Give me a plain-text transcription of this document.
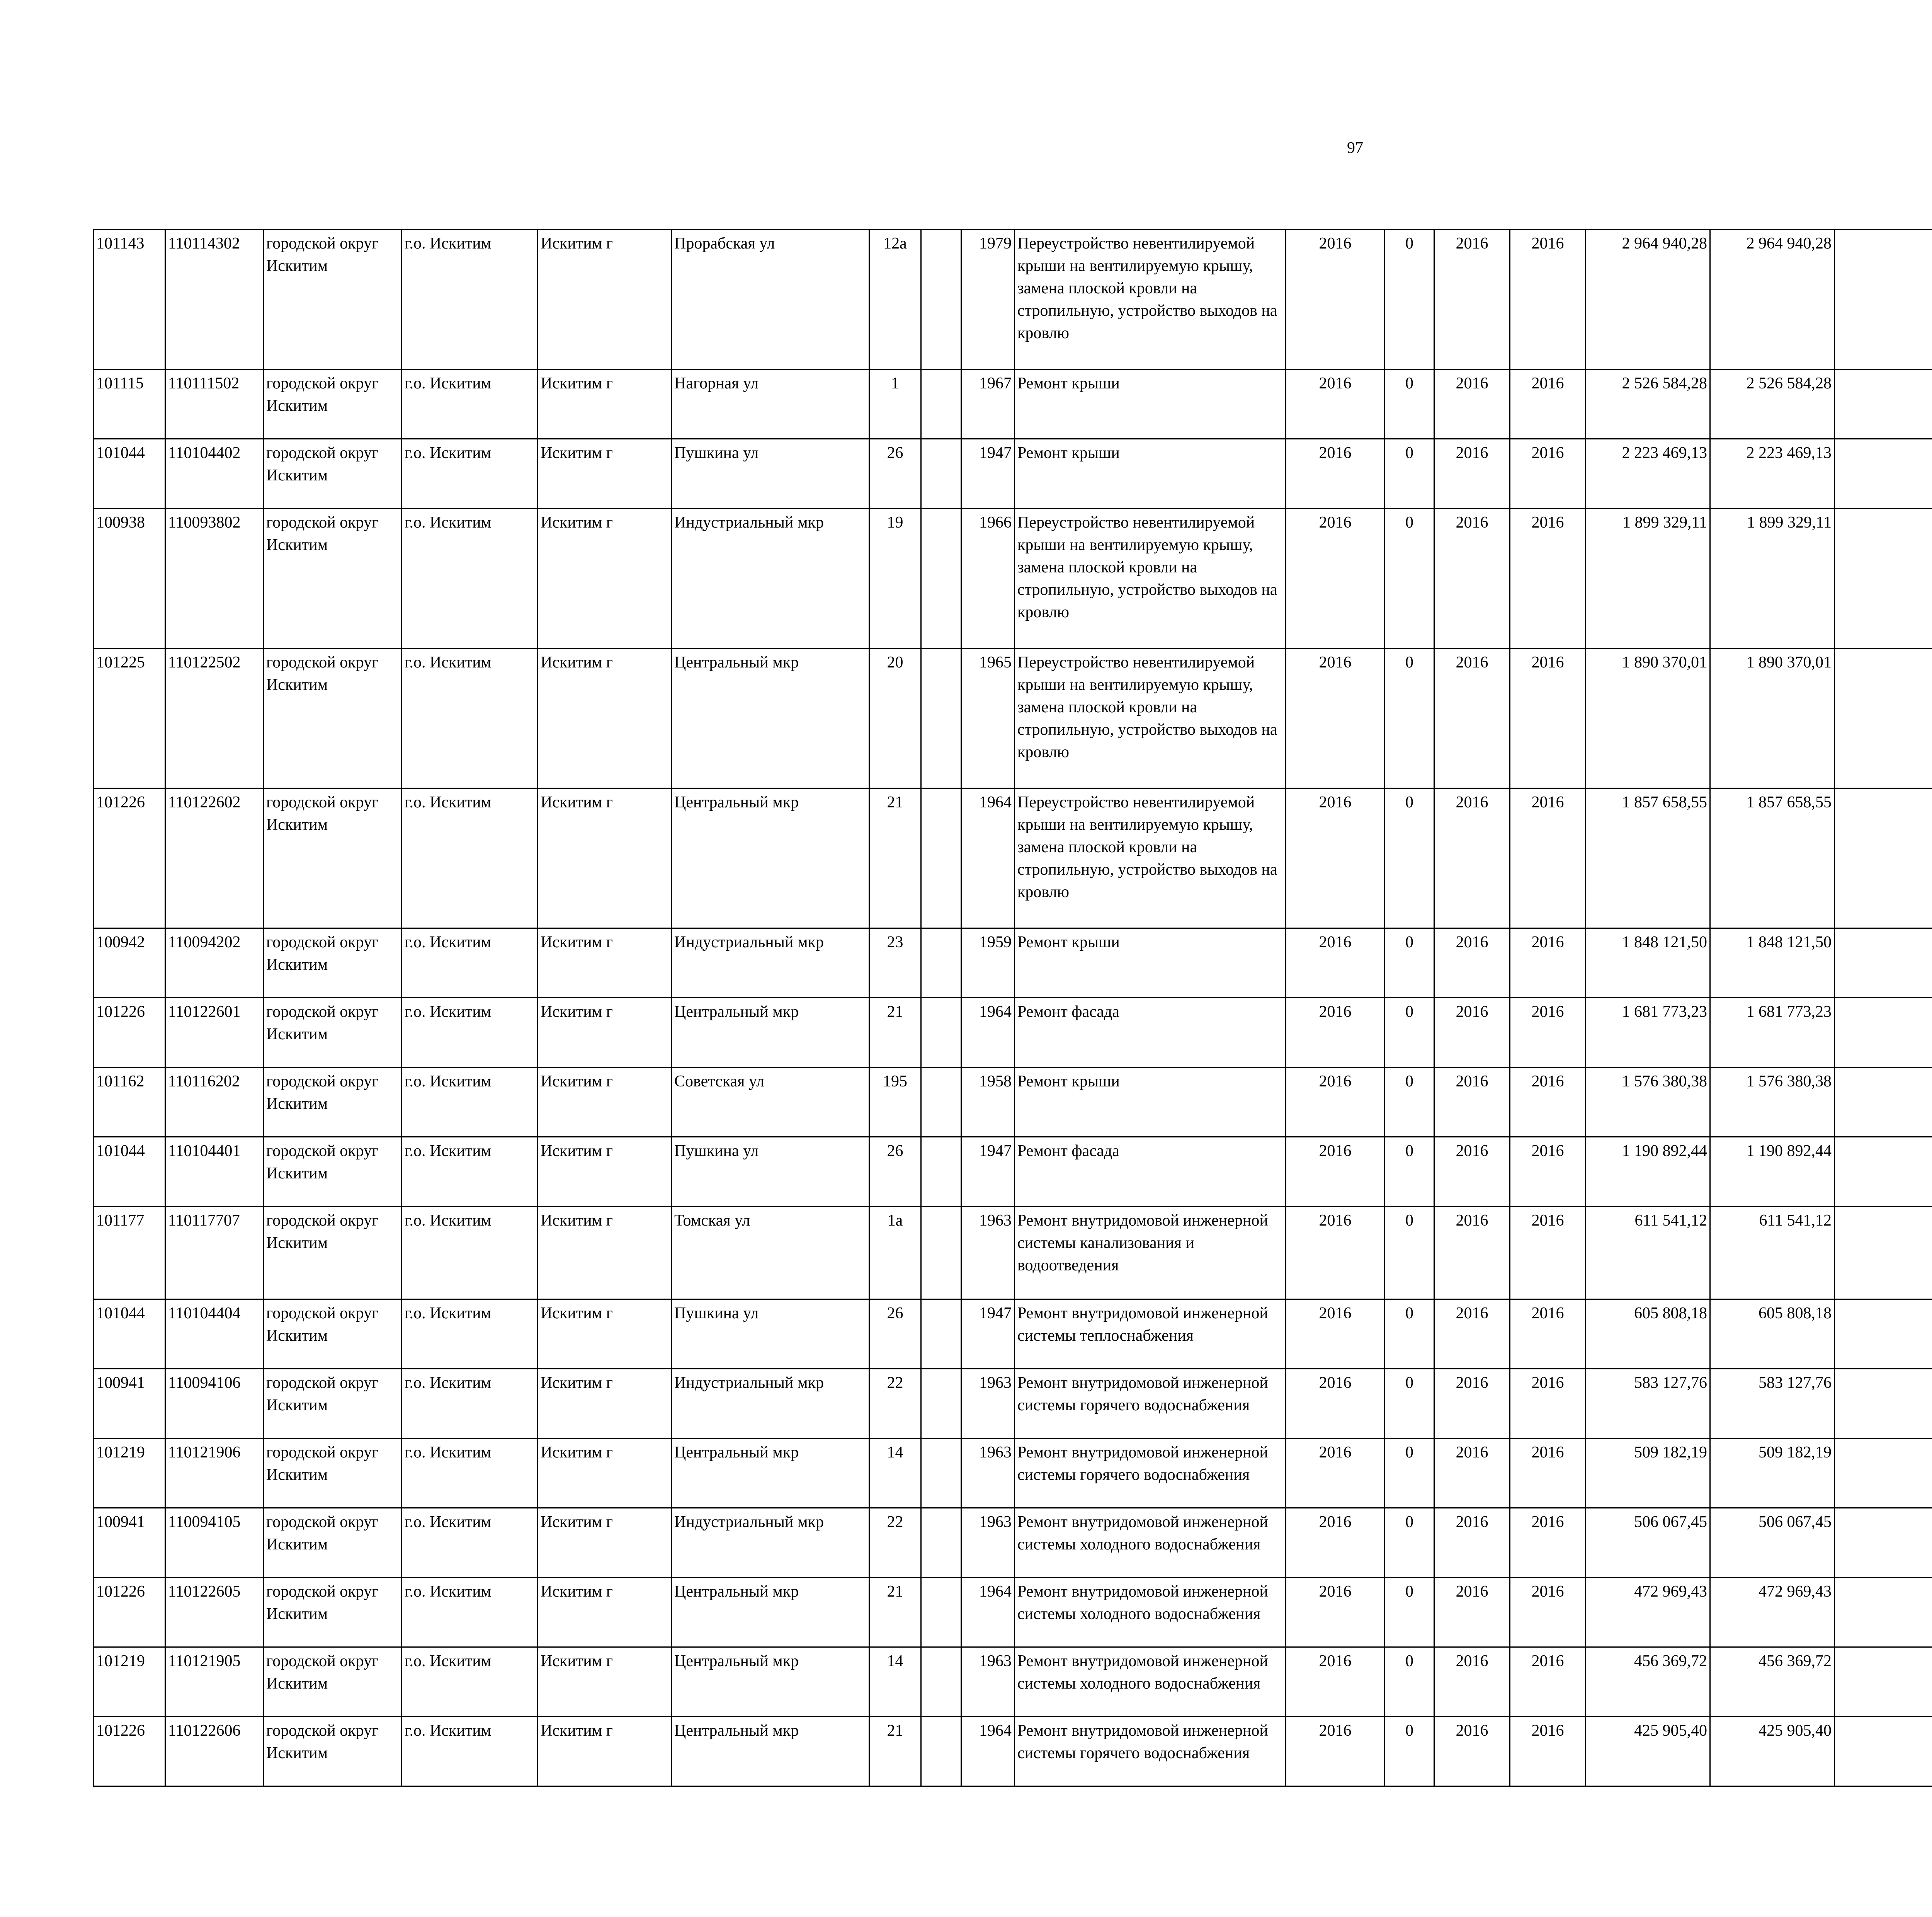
97
101143	110114302	городской округ Искитим	г.о. Искитим	Искитим г	Прорабская ул	12а		1979	Переустройство невентилируемой крыши на вентилируемую крышу, замена плоской кровли на стропильную, устройство выходов на кровлю	2016	0	2016	2016	2 964 940,28	2 964 940,28						
101115	110111502	городской округ Искитим	г.о. Искитим	Искитим г	Нагорная ул	1		1967	Ремонт крыши	2016	0	2016	2016	2 526 584,28	2 526 584,28						
101044	110104402	городской округ Искитим	г.о. Искитим	Искитим г	Пушкина ул	26		1947	Ремонт крыши	2016	0	2016	2016	2 223 469,13	2 223 469,13						
100938	110093802	городской округ Искитим	г.о. Искитим	Искитим г	Индустриальный мкр	19		1966	Переустройство невентилируемой крыши на вентилируемую крышу, замена плоской кровли на стропильную, устройство выходов на кровлю	2016	0	2016	2016	1 899 329,11	1 899 329,11						
101225	110122502	городской округ Искитим	г.о. Искитим	Искитим г	Центральный мкр	20		1965	Переустройство невентилируемой крыши на вентилируемую крышу, замена плоской кровли на стропильную, устройство выходов на кровлю	2016	0	2016	2016	1 890 370,01	1 890 370,01						
101226	110122602	городской округ Искитим	г.о. Искитим	Искитим г	Центральный мкр	21		1964	Переустройство невентилируемой крыши на вентилируемую крышу, замена плоской кровли на стропильную, устройство выходов на кровлю	2016	0	2016	2016	1 857 658,55	1 857 658,55						
100942	110094202	городской округ Искитим	г.о. Искитим	Искитим г	Индустриальный мкр	23		1959	Ремонт крыши	2016	0	2016	2016	1 848 121,50	1 848 121,50						
101226	110122601	городской округ Искитим	г.о. Искитим	Искитим г	Центральный мкр	21		1964	Ремонт фасада	2016	0	2016	2016	1 681 773,23	1 681 773,23						
101162	110116202	городской округ Искитим	г.о. Искитим	Искитим г	Советская ул	195		1958	Ремонт крыши	2016	0	2016	2016	1 576 380,38	1 576 380,38						
101044	110104401	городской округ Искитим	г.о. Искитим	Искитим г	Пушкина ул	26		1947	Ремонт фасада	2016	0	2016	2016	1 190 892,44	1 190 892,44						
101177	110117707	городской округ Искитим	г.о. Искитим	Искитим г	Томская ул	1а		1963	Ремонт внутридомовой инженерной системы канализования и водоотведения	2016	0	2016	2016	611 541,12	611 541,12						
101044	110104404	городской округ Искитим	г.о. Искитим	Искитим г	Пушкина ул	26		1947	Ремонт внутридомовой инженерной системы теплоснабжения	2016	0	2016	2016	605 808,18	605 808,18						
100941	110094106	городской округ Искитим	г.о. Искитим	Искитим г	Индустриальный мкр	22		1963	Ремонт внутридомовой инженерной системы горячего водоснабжения	2016	0	2016	2016	583 127,76	583 127,76						
101219	110121906	городской округ Искитим	г.о. Искитим	Искитим г	Центральный мкр	14		1963	Ремонт внутридомовой инженерной системы горячего водоснабжения	2016	0	2016	2016	509 182,19	509 182,19						
100941	110094105	городской округ Искитим	г.о. Искитим	Искитим г	Индустриальный мкр	22		1963	Ремонт внутридомовой инженерной системы холодного водоснабжения	2016	0	2016	2016	506 067,45	506 067,45						
101226	110122605	городской округ Искитим	г.о. Искитим	Искитим г	Центральный мкр	21		1964	Ремонт внутридомовой инженерной системы холодного водоснабжения	2016	0	2016	2016	472 969,43	472 969,43						
101219	110121905	городской округ Искитим	г.о. Искитим	Искитим г	Центральный мкр	14		1963	Ремонт внутридомовой инженерной системы холодного водоснабжения	2016	0	2016	2016	456 369,72	456 369,72						
101226	110122606	городской округ Искитим	г.о. Искитим	Искитим г	Центральный мкр	21		1964	Ремонт внутридомовой инженерной системы горячего водоснабжения	2016	0	2016	2016	425 905,40	425 905,40						
